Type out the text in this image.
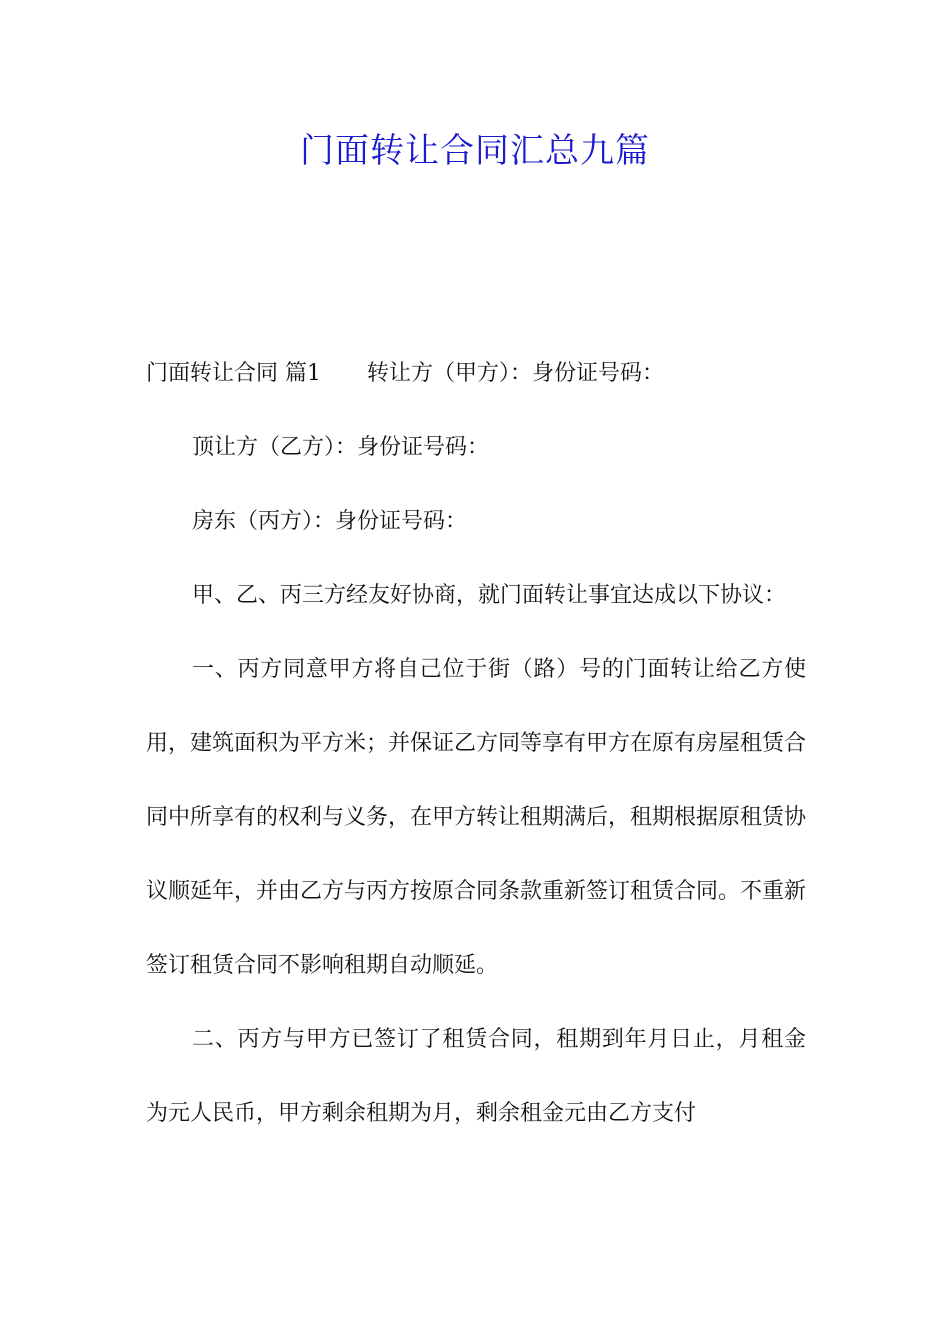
门面转让合同汇总九篇

门面转让合同 篇1 转让方（甲方）：身份证号码：

顶让方（乙方）：身份证号码：

房东（丙方）：身份证号码：

甲、乙、丙三方经友好协商，就门面转让事宜达成以下协议：

一、丙方同意甲方将自己位于街（路）号的门面转让给乙方使用，建筑面积为平方米；并保证乙方同等享有甲方在原有房屋租赁合同中所享有的权利与义务，在甲方转让租期满后，租期根据原租赁协议顺延年，并由乙方与丙方按原合同条款重新签订租赁合同。不重新签订租赁合同不影响租期自动顺延。

二、丙方与甲方已签订了租赁合同，租期到年月日止，月租金为元人民币，甲方剩余租期为月，剩余租金元由乙方支付
